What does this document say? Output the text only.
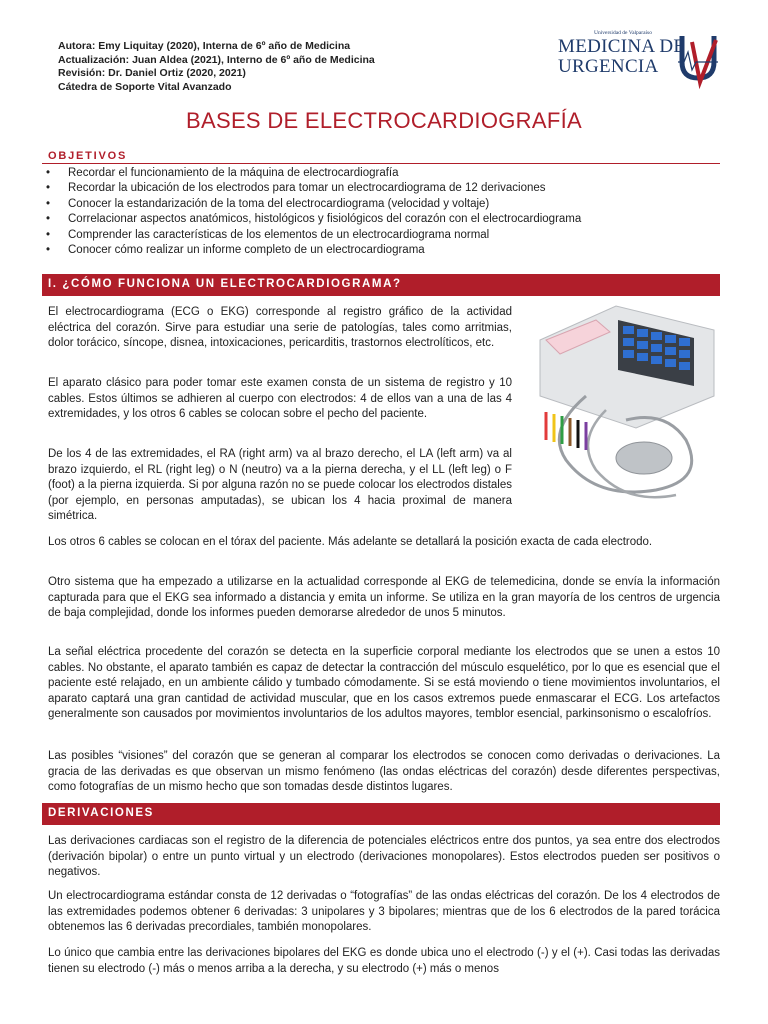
Autora: Emy Liquitay (2020), Interna de 6º año de Medicina
Actualización: Juan Aldea (2021), Interno de 6º año de Medicina
Revisión: Dr. Daniel Ortiz (2020, 2021)
Cátedra de Soporte Vital Avanzado
Universidad de Valparaíso
MEDICINA DE
URGENCIA
BASES DE ELECTROCARDIOGRAFÍA
OBJETIVOS
• Recordar el funcionamiento de la máquina de electrocardiografía
• Recordar la ubicación de los electrodos para tomar un electrocardiograma de 12 derivaciones
• Conocer la estandarización de la toma del electrocardiograma (velocidad y voltaje)
• Correlacionar aspectos anatómicos, histológicos y fisiológicos del corazón con el electrocardiograma
• Comprender las características de los elementos de un electrocardiograma normal
• Conocer cómo realizar un informe completo de un electrocardiograma
I. ¿CÓMO FUNCIONA UN ELECTROCARDIOGRAMA?

El electrocardiograma (ECG o EKG) corresponde al registro gráfico de la actividad eléctrica del corazón. Sirve para estudiar una serie de patologías, tales como arritmias, dolor torácico, síncope, disnea, intoxicaciones, pericarditis, trastornos electrolíticos, etc.

El aparato clásico para poder tomar este examen consta de un sistema de registro y 10 cables. Estos últimos se adhieren al cuerpo con electrodos: 4 de ellos van a una de las 4 extremidades, y los otros 6 cables se colocan sobre el pecho del paciente.

De los 4 de las extremidades, el RA (right arm) va al brazo derecho, el LA (left arm) va al brazo izquierdo, el RL (right leg) o N (neutro) va a la pierna derecha, y el LL (left leg) o F (foot) a la pierna izquierda. Si por alguna razón no se puede colocar los electrodos distales (por ejemplo, en personas amputadas), se ubican los 4 hacia proximal de manera simétrica.

Los otros 6 cables se colocan en el tórax del paciente. Más adelante se detallará la posición exacta de cada electrodo.

Otro sistema que ha empezado a utilizarse en la actualidad corresponde al EKG de telemedicina, donde se envía la información capturada para que el EKG sea informado a distancia y emita un informe. Se utiliza en la gran mayoría de los centros de urgencia de baja complejidad, donde los informes pueden demorarse alrededor de unos 5 minutos.

La señal eléctrica procedente del corazón se detecta en la superficie corporal mediante los electrodos que se unen a estos 10 cables. No obstante, el aparato también es capaz de detectar la contracción del músculo esquelético, por lo que es esencial que el paciente esté relajado, en un ambiente cálido y tumbado cómodamente. Si se está moviendo o tiene movimientos involuntarios, el aparato captará una gran cantidad de actividad muscular, que en los casos extremos puede enmascarar el ECG. Los artefactos generalmente son causados por movimientos involuntarios de los adultos mayores, temblor esencial, parkinsonismo o escalofríos.

Las posibles “visiones” del corazón que se generan al comparar los electrodos se conocen como derivadas o derivaciones. La gracia de las derivadas es que observan un mismo fenómeno (las ondas eléctricas del corazón) desde diferentes perspectivas, como fotografías de un mismo hecho que son tomadas desde distintos lugares.

DERIVACIONES

Las derivaciones cardiacas son el registro de la diferencia de potenciales eléctricos entre dos puntos, ya sea entre dos electrodos (derivación bipolar) o entre un punto virtual y un electrodo (derivaciones monopolares). Estos electrodos pueden ser positivos o negativos.

Un electrocardiograma estándar consta de 12 derivadas o “fotografías” de las ondas eléctricas del corazón. De los 4 electrodos de las extremidades podemos obtener 6 derivadas: 3 unipolares y 3 bipolares; mientras que de los 6 electrodos de la pared torácica obtenemos las 6 derivadas precordiales, también monopolares.

Lo único que cambia entre las derivaciones bipolares del EKG es donde ubica uno el electrodo (-) y el (+). Casi todas las derivadas tienen su electrodo (-) más o menos arriba a la derecha, y su electrodo (+) más o menos
